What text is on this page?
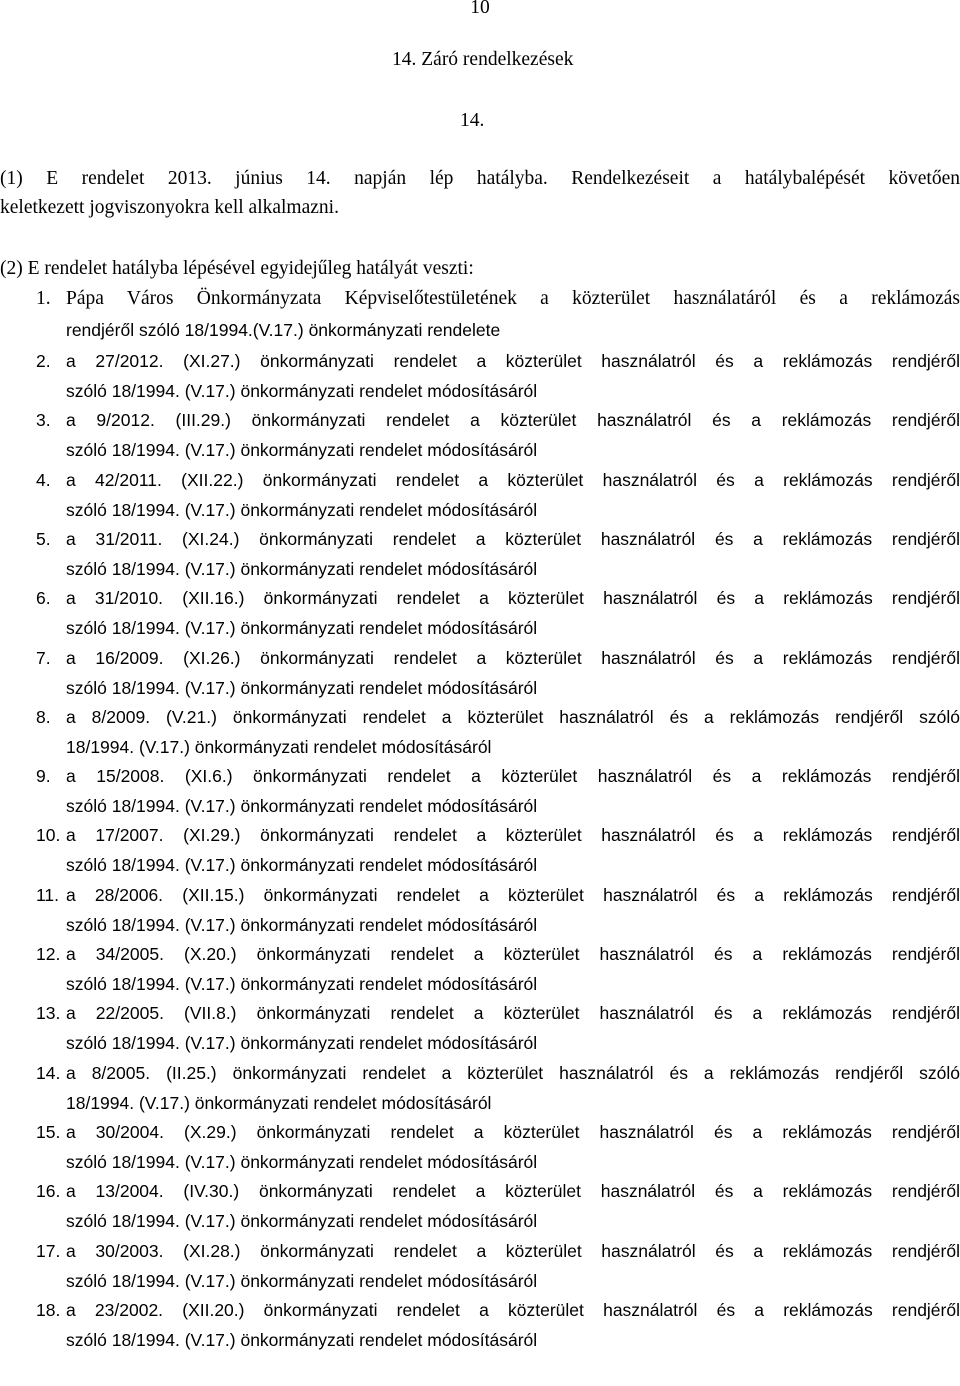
10
14. Záró rendelkezések
14.
(1) E rendelet 2013. június 14. napján lép hatályba. Rendelkezéseit a hatálybalépését követően
keletkezett jogviszonyokra kell alkalmazni.
(2) E rendelet hatályba lépésével egyidejűleg hatályát veszti:
1. Pápa Város Önkormányzata Képviselőtestületének a közterület használatáról és a reklámozás
rendjéről szóló 18/1994.(V.17.) önkormányzati rendelete
2. a 27/2012. (XI.27.) önkormányzati rendelet a közterület használatról és a reklámozás rendjéről
szóló 18/1994. (V.17.) önkormányzati rendelet módosításáról
3. a 9/2012. (III.29.) önkormányzati rendelet a közterület használatról és a reklámozás rendjéről
szóló 18/1994. (V.17.) önkormányzati rendelet módosításáról
4. a 42/2011. (XII.22.) önkormányzati rendelet a közterület használatról és a reklámozás rendjéről
szóló 18/1994. (V.17.) önkormányzati rendelet módosításáról
5. a 31/2011. (XI.24.) önkormányzati rendelet a közterület használatról és a reklámozás rendjéről
szóló 18/1994. (V.17.) önkormányzati rendelet módosításáról
6. a 31/2010. (XII.16.) önkormányzati rendelet a közterület használatról és a reklámozás rendjéről
szóló 18/1994. (V.17.) önkormányzati rendelet módosításáról
7. a 16/2009. (XI.26.) önkormányzati rendelet a közterület használatról és a reklámozás rendjéről
szóló 18/1994. (V.17.) önkormányzati rendelet módosításáról
8. a 8/2009. (V.21.) önkormányzati rendelet a közterület használatról és a reklámozás rendjéről szóló
18/1994. (V.17.) önkormányzati rendelet módosításáról
9. a 15/2008. (XI.6.) önkormányzati rendelet a közterület használatról és a reklámozás rendjéről
szóló 18/1994. (V.17.) önkormányzati rendelet módosításáról
10. a 17/2007. (XI.29.) önkormányzati rendelet a közterület használatról és a reklámozás rendjéről
szóló 18/1994. (V.17.) önkormányzati rendelet módosításáról
11. a 28/2006. (XII.15.) önkormányzati rendelet a közterület használatról és a reklámozás rendjéről
szóló 18/1994. (V.17.) önkormányzati rendelet módosításáról
12. a 34/2005. (X.20.) önkormányzati rendelet a közterület használatról és a reklámozás rendjéről
szóló 18/1994. (V.17.) önkormányzati rendelet módosításáról
13. a 22/2005. (VII.8.) önkormányzati rendelet a közterület használatról és a reklámozás rendjéről
szóló 18/1994. (V.17.) önkormányzati rendelet módosításáról
14. a 8/2005. (II.25.) önkormányzati rendelet a közterület használatról és a reklámozás rendjéről szóló
18/1994. (V.17.) önkormányzati rendelet módosításáról
15. a 30/2004. (X.29.) önkormányzati rendelet a közterület használatról és a reklámozás rendjéről
szóló 18/1994. (V.17.) önkormányzati rendelet módosításáról
16. a 13/2004. (IV.30.) önkormányzati rendelet a közterület használatról és a reklámozás rendjéről
szóló 18/1994. (V.17.) önkormányzati rendelet módosításáról
17. a 30/2003. (XI.28.) önkormányzati rendelet a közterület használatról és a reklámozás rendjéről
szóló 18/1994. (V.17.) önkormányzati rendelet módosításáról
18. a 23/2002. (XII.20.) önkormányzati rendelet a közterület használatról és a reklámozás rendjéről
szóló 18/1994. (V.17.) önkormányzati rendelet módosításáról
